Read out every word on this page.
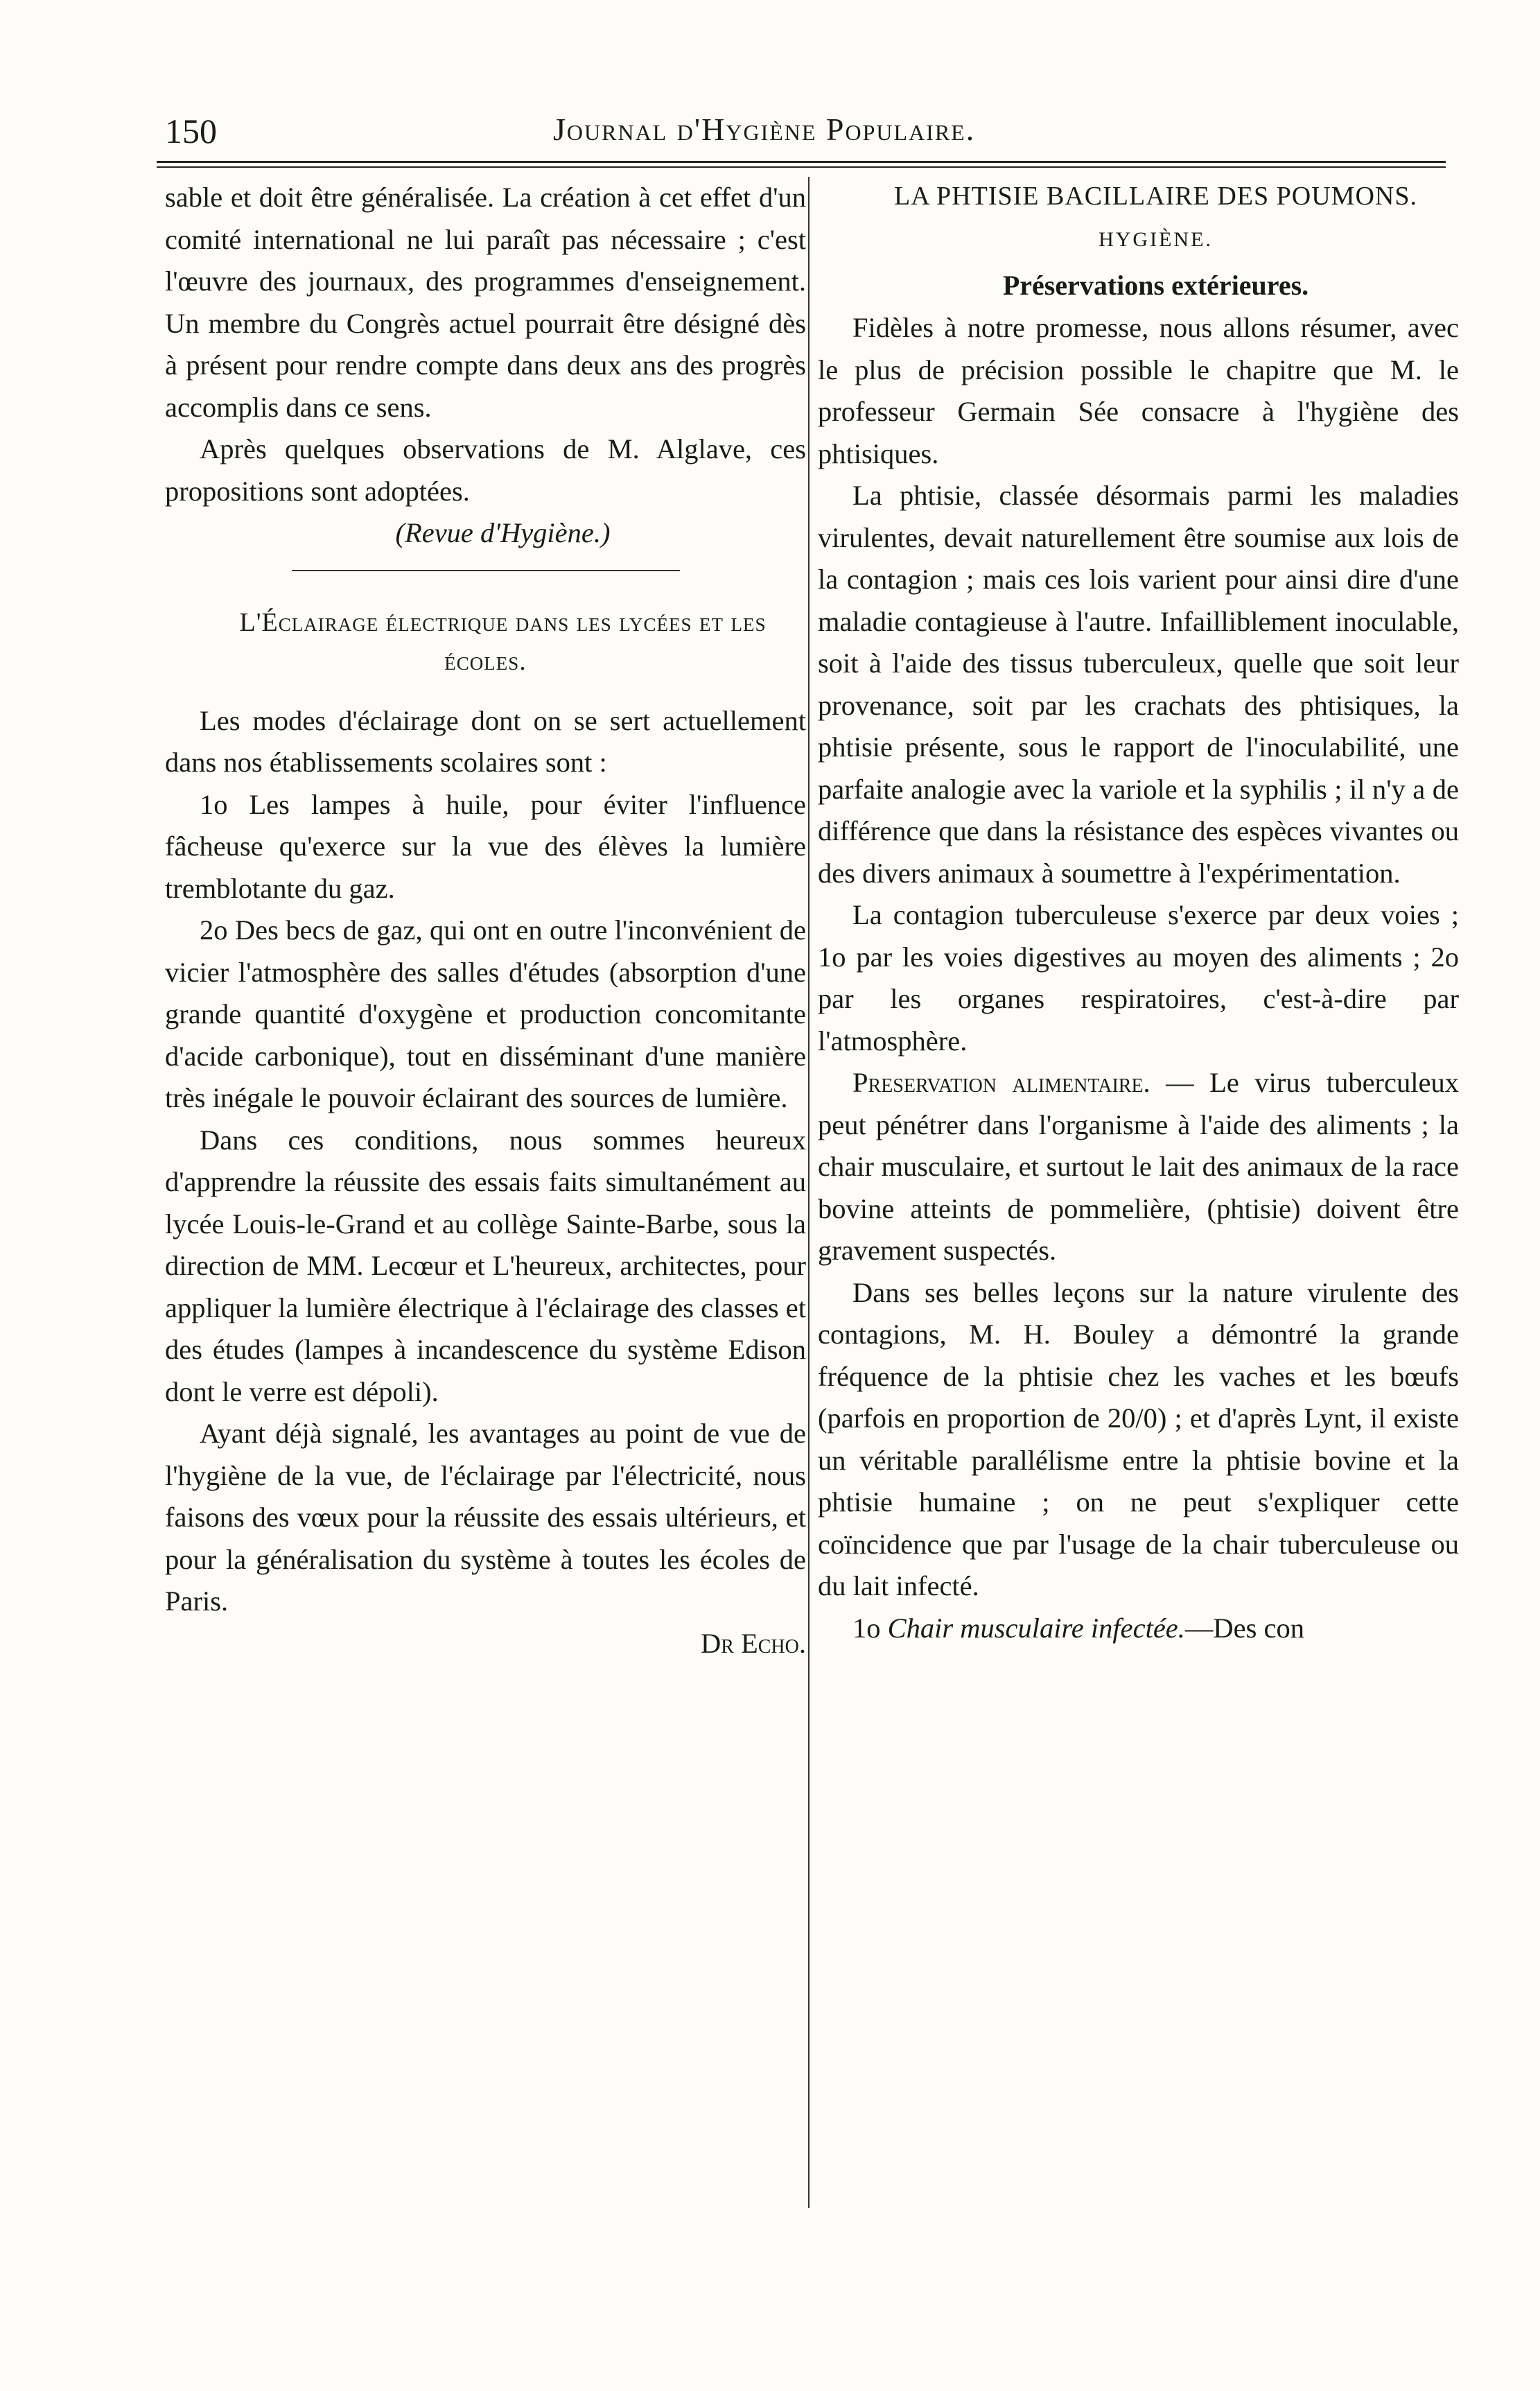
150	Journal d'Hygiène Populaire.

sable et doit être généralisée. La création à cet effet d'un comité international ne lui paraît pas nécessaire ; c'est l'œuvre des journaux, des programmes d'enseignement. Un membre du Congrès actuel pourrait être désigné dès à présent pour rendre compte dans deux ans des progrès accomplis dans ce sens.

Après quelques observations de M. Alglave, ces propositions sont adoptées.

(Revue d'Hygiène.)

L'Éclairage électrique dans les lycées et les écoles.

Les modes d'éclairage dont on se sert actuellement dans nos établissements scolaires sont :

1o Les lampes à huile, pour éviter l'influence fâcheuse qu'exerce sur la vue des élèves la lumière tremblotante du gaz.

2o Des becs de gaz, qui ont en outre l'inconvénient de vicier l'atmosphère des salles d'études (absorption d'une grande quantité d'oxygène et production concomitante d'acide carbonique), tout en disséminant d'une manière très inégale le pouvoir éclairant des sources de lumière.

Dans ces conditions, nous sommes heureux d'apprendre la réussite des essais faits simultanément au lycée Louis-le-Grand et au collège Sainte-Barbe, sous la direction de MM. Lecœur et L'heureux, architectes, pour appliquer la lumière électrique à l'éclairage des classes et des études (lampes à incandescence du système Edison dont le verre est dépoli).

Ayant déjà signalé, les avantages au point de vue de l'hygiène de la vue, de l'éclairage par l'électricité, nous faisons des vœux pour la réussite des essais ultérieurs, et pour la généralisation du système à toutes les écoles de Paris.

Dr Echo.

LA PHTISIE BACILLAIRE DES POUMONS.

HYGIÈNE.

Préservations extérieures.

Fidèles à notre promesse, nous allons résumer, avec le plus de précision possible le chapitre que M. le professeur Germain Sée consacre à l'hygiène des phtisiques.

La phtisie, classée désormais parmi les maladies virulentes, devait naturellement être soumise aux lois de la contagion ; mais ces lois varient pour ainsi dire d'une maladie contagieuse à l'autre. Infailliblement inoculable, soit à l'aide des tissus tuberculeux, quelle que soit leur provenance, soit par les crachats des phtisiques, la phtisie présente, sous le rapport de l'inoculabilité, une parfaite analogie avec la variole et la syphilis ; il n'y a de différence que dans la résistance des espèces vivantes ou des divers animaux à soumettre à l'expérimentation.

La contagion tuberculeuse s'exerce par deux voies ; 1o par les voies digestives au moyen des aliments ; 2o par les organes respiratoires, c'est-à-dire par l'atmosphère.

Preservation alimentaire. — Le virus tuberculeux peut pénétrer dans l'organisme à l'aide des aliments ; la chair musculaire, et surtout le lait des animaux de la race bovine atteints de pommelière, (phtisie) doivent être gravement suspectés.

Dans ses belles leçons sur la nature virulente des contagions, M. H. Bouley a démontré la grande fréquence de la phtisie chez les vaches et les bœufs (parfois en proportion de 20/0) ; et d'après Lynt, il existe un véritable parallélisme entre la phtisie bovine et la phtisie humaine ; on ne peut s'expliquer cette coïncidence que par l'usage de la chair tuberculeuse ou du lait infecté.

1o Chair musculaire infectée.—Des con
